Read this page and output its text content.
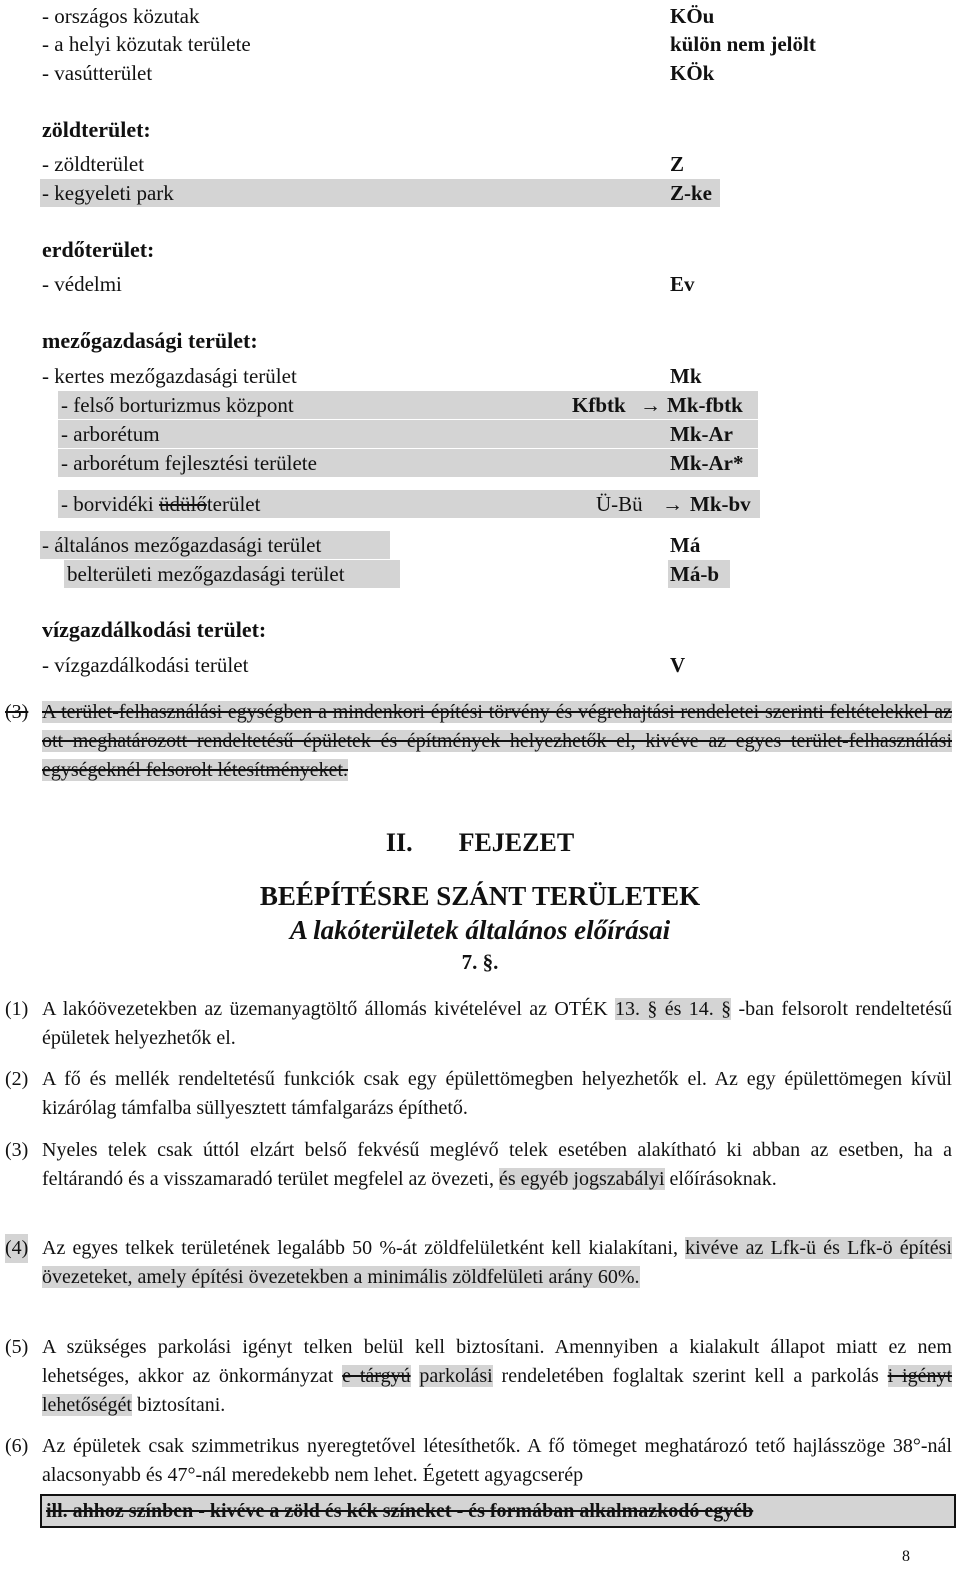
- országos közutak	KÖu
- a helyi közutak területe	külön nem jelölt
- vasútterület	KÖk
zöldterület:
- zöldterület	Z
- kegyeleti park	Z-ke
erdőterület:
- védelmi	Ev
mezőgazdasági terület:
- kertes mezőgazdasági terület	Mk
- felső borturizmus központ	Kfbtk → Mk-fbtk
- arborétum	Mk-Ar
- arborétum fejlesztési területe	Mk-Ar*
- borvidéki üdülőterület	Ü-Bü → Mk-bv
- általános mezőgazdasági terület	Má
belterületi mezőgazdasági terület	Má-b
vízgazdálkodási terület:
- vízgazdálkodási terület	V
(3) A terület-felhasználási egységben a mindenkori építési törvény és végrehajtási rendeletei szerinti feltételekkel az ott meghatározott rendeltetésű épületek és építmények helyezhetők el, kivéve az egyes terület-felhasználási egységeknél felsorolt létesítményeket.
II. FEJEZET
BEÉPÍTÉSRE SZÁNT TERÜLETEK
A lakóterületek általános előírásai
7. §.
(1) A lakóövezetekben az üzemanyagtöltő állomás kivételével az OTÉK 13. § és 14. § -ban felsorolt rendeltetésű épületek helyezhetők el.
(2) A fő és mellék rendeltetésű funkciók csak egy épülettömegben helyezhetők el. Az egy épülettömegen kívül kizárólag támfalba süllyesztett támfalgarázs építhető.
(3) Nyeles telek csak úttól elzárt belső fekvésű meglévő telek esetében alakítható ki abban az esetben, ha a feltárandó és a visszamaradó terület megfelel az övezeti, és egyéb jogszabályi előírásoknak.
(4) Az egyes telkek területének legalább 50 %-át zöldfelületként kell kialakítani, kivéve az Lfk-ü és Lfk-ö építési övezeteket, amely építési övezetekben a minimális zöldfelületi arány 60%.
(5) A szükséges parkolási igényt telken belül kell biztosítani. Amennyiben a kialakult állapot miatt ez nem lehetséges, akkor az önkormányzat e tárgyú parkolási rendeletében foglaltak szerint kell a parkolás i igényt lehetőségét biztosítani.
(6) Az épületek csak szimmetrikus nyeregtetővel létesíthetők. A fő tömeget meghatározó tető hajlásszöge 38°-nál alacsonyabb és 47°-nál meredekebb nem lehet. Égetett agyagcserép
ill. ahhoz színben - kivéve a zöld és kék színeket - és formában alkalmazkodó egyéb
8
